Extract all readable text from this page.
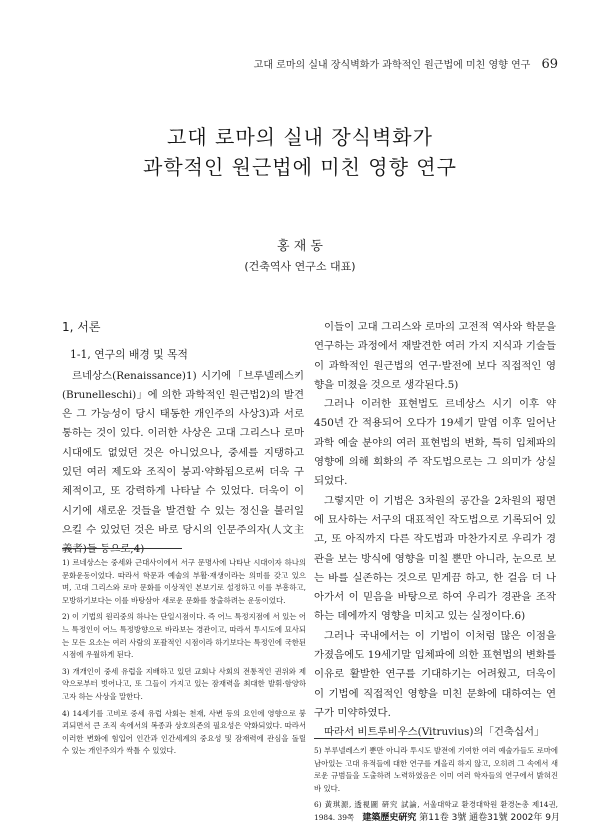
고대 로마의 실내 장식벽화가 과학적인 원근법에 미친 영향 연구 69
고대 로마의 실내 장식벽화가
과학적인 원근법에 미친 영향 연구
홍 재 동
(건축역사 연구소 대표)

1, 서론

1-1, 연구의 배경 및 목적

르네상스(Renaissance)1) 시기에「브루넬레스키(Brunelleschi)」에 의한 과학적인 원근법2)의 발견은 그 가능성이 당시 태동한 개인주의 사상3)과 서로 통하는 것이 있다. 이러한 사상은 고대 그리스나 로마 시대에도 없었던 것은 아니었으나, 중세를 지탱하고 있던 여러 제도와 조직이 붕괴·약화됨으로써 더욱 구체적이고, 또 강력하게 나타날 수 있었다. 더욱이 이 시기에 새로운 것들을 발견할 수 있는 정신을 불러일으킬 수 있었던 것은 바로 당시의 인문주의자(人文主義者)들 등으로,4)

이들이 고대 그리스와 로마의 고전적 역사와 학문을 연구하는 과정에서 재발견한 여러 가지 지식과 기술들이 과학적인 원근법의 연구·발전에 보다 직접적인 영향을 미쳤을 것으로 생각된다.5)

그러나 이러한 표현법도 르네상스 시기 이후 약 450년 간 적용되어 오다가 19세기 말엽 이후 일어난 과학 예술 분야의 여러 표현법의 변화, 특히 입체파의 영향에 의해 회화의 주 작도법으로는 그 의미가 상실되었다.

그렇지만 이 기법은 3차원의 공간을 2차원의 평면에 묘사하는 서구의 대표적인 작도법으로 기록되어 있고, 또 아직까지 다른 작도법과 마찬가지로 우리가 경관을 보는 방식에 영향을 미칠 뿐만 아니라, 눈으로 보는 바를 실존하는 것으로 믿게끔 하고, 한 걸음 더 나아가서 이 믿음을 바탕으로 하여 우리가 경관을 조작하는 데에까지 영향을 미치고 있는 실정이다.6)

그러나 국내에서는 이 기법이 이처럼 많은 이점을 가졌음에도 19세기말 입체파에 의한 표현법의 변화를 이유로 활발한 연구를 기대하기는 어려웠고, 더욱이 이 기법에 직접적인 영향을 미친 문화에 대하여는 연구가 미약하였다.

따라서 비트루비우스(Vitruvius)의「건축십서」

1) 르네상스는 중세와 근대사이에서 서구 문명사에 나타난 시대이자 하나의 문화운동이었다. 따라서 학문과 예술의 부활·재생이라는 의미를 갖고 있으며, 고대 그리스와 로마 문화를 이상적인 본보기로 설정하고 이를 부흥하고, 모방하기보다는 이를 바탕삼아 새로운 문화를 창출하려는 운동이었다.

2) 이 기법의 원리중의 하나는 단일시점이다. 즉 어느 특정지점에 서 있는 어느 특정인이 어느 특정방향으로 바라보는 경관이고, 따라서 투시도에 묘사되는 모든 요소는 여러 사람의 포괄적인 시점이라 하기보다는 특정인에 국한된 시점에 우월하게 된다.

3) 개개인이 중세 유럽을 지배하고 있던 교회나 사회의 전통적인 권위와 제약으로부터 벗어나고, 또 그들이 가지고 있는 잠재력을 최대한 발휘·함양하고자 하는 사상을 말한다.

4) 14세기를 고비로 중세 유럽 사회는 천재, 사변 등의 요인에 영향으로 붕괴되면서 큰 조직 속에서의 복종과 상호의존의 필요성은 약화되었다. 따라서 이러한 변화에 힘입어 인간과 인간세계의 중요성 및 잠재력에 관심을 돌릴 수 있는 개인주의가 싹틀 수 있었다.	5) 부루넬레스키 뿐만 아니라 투시도 발전에 기여한 여러 예술가들도 로마에 남아있는 고대 유적들에 대한 연구를 게을리 하지 않고, 오히려 그 속에서 새로운 규범들을 도출하려 노력하였음은 이미 여러 학자들의 연구에서 밝혀진 바 있다.

6) 黃琪源, 透視圖 硏究 試論, 서울대학교 환경대학원 환경논총 제14권, 1984. 39쪽 建築歷史硏究 第11卷 3號 通卷31號 2002年 9月
